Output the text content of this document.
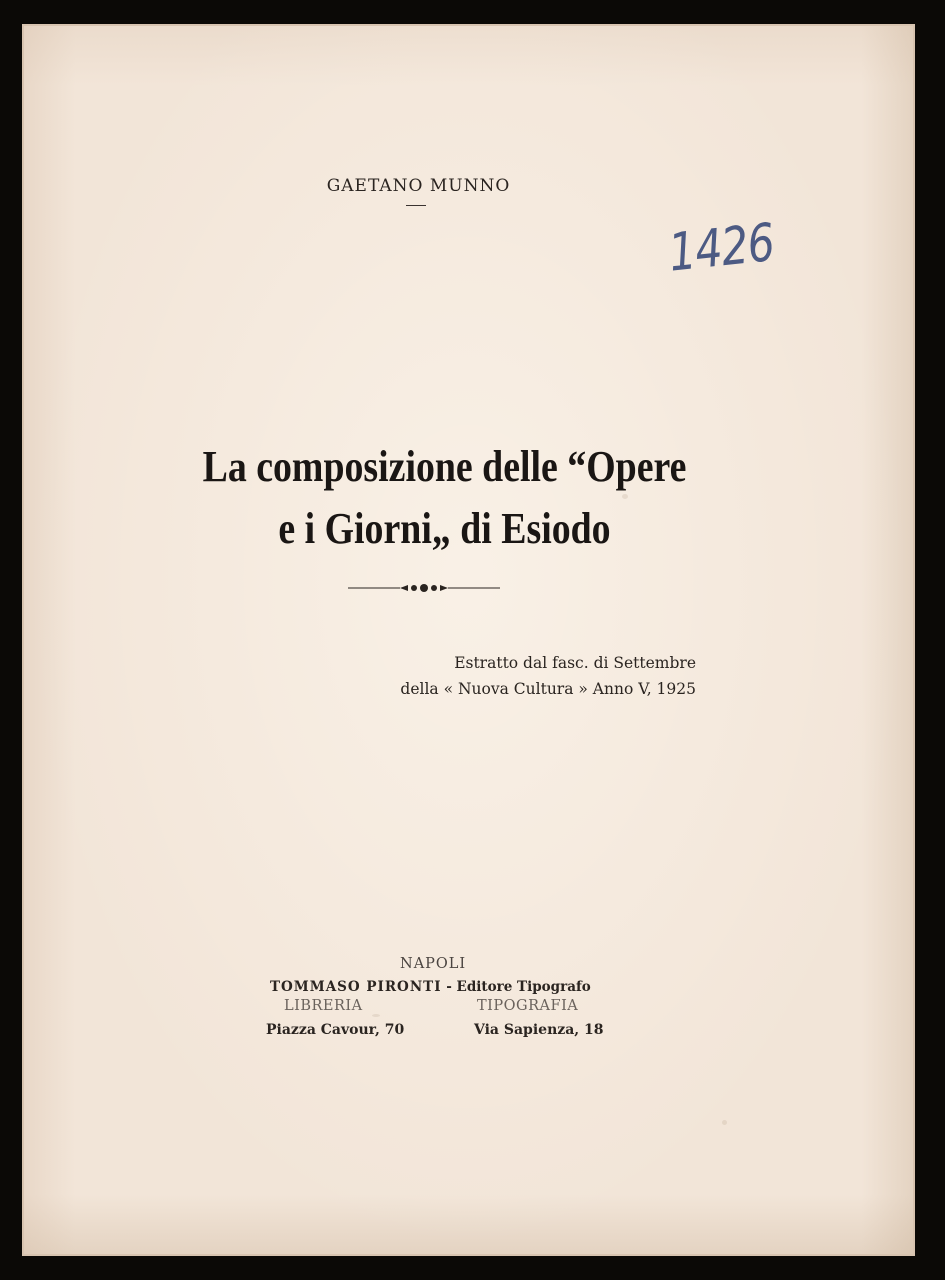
GAETANO MUNNO
1426
La composizione delle “Opere
e i Giorni„ di Esiodo
Estratto dal fasc. di Settembre
della « Nuova Cultura » Anno V, 1925
NAPOLI
TOMMASO PIRONTI - Editore Tipografo
LIBRERIA	TIPOGRAFIA
Piazza Cavour, 70	Via Sapienza, 18
